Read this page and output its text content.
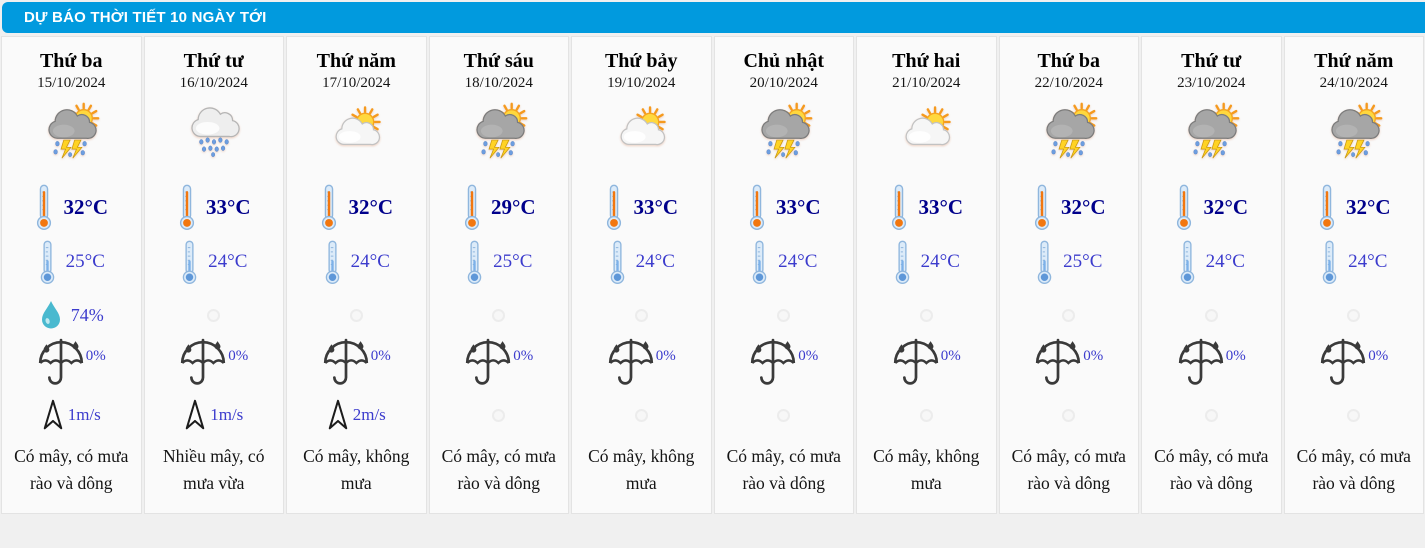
DỰ BÁO THỜI TIẾT 10 NGÀY TỚI
Thứ ba
15/10/2024
32°C
25°C
74%
0%
1m/s
Có mây, có mưa rào và dông
Thứ tư
16/10/2024
33°C
24°C
0%
1m/s
Nhiều mây, có mưa vừa
Thứ năm
17/10/2024
32°C
24°C
0%
2m/s
Có mây, không mưa
Thứ sáu
18/10/2024
29°C
25°C
0%
Có mây, có mưa rào và dông
Thứ bảy
19/10/2024
33°C
24°C
0%
Có mây, không mưa
Chủ nhật
20/10/2024
33°C
24°C
0%
Có mây, có mưa rào và dông
Thứ hai
21/10/2024
33°C
24°C
0%
Có mây, không mưa
Thứ ba
22/10/2024
32°C
25°C
0%
Có mây, có mưa rào và dông
Thứ tư
23/10/2024
32°C
24°C
0%
Có mây, có mưa rào và dông
Thứ năm
24/10/2024
32°C
24°C
0%
Có mây, có mưa rào và dông
